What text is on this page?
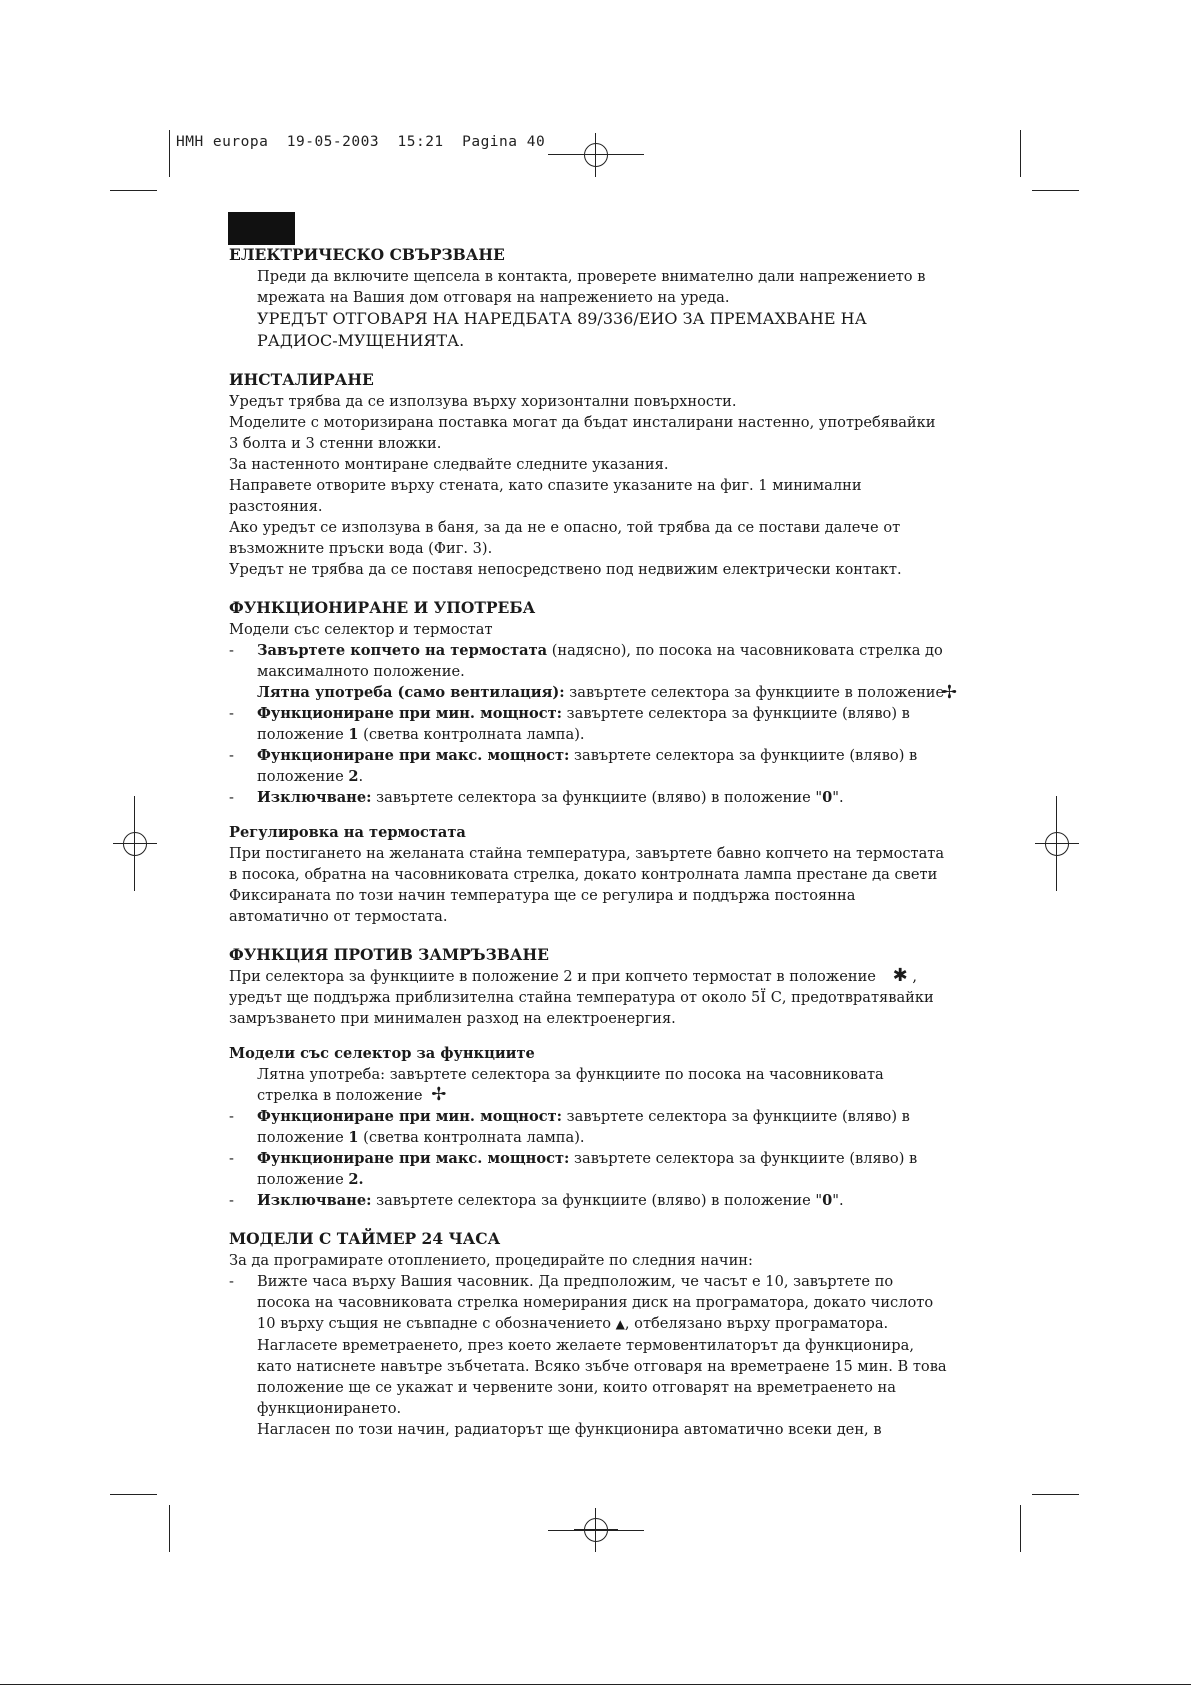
HMH europa  19-05-2003  15:21  Pagina 40

ЕЛЕКТРИЧЕСКО СВЪРЗВАНЕ

Преди да включите щепсела в контакта, проверете внимателно дали напрежението в мрежата на Вашия дом отговаря на напрежението на уреда.

УРЕДЪТ ОТГОВАРЯ НА НАРЕДБАТА 89/336/ЕИО ЗА ПРЕМАХВАНЕ НА РАДИОС-МУЩЕНИЯТА.

ИНСТАЛИРАНЕ

Уредът трябва да се използува върху хоризонтални повърхности.

Моделите с моторизирана поставка могат да бъдат инсталирани настенно, употребявайки 3 болта и 3 стенни вложки.

За настенното монтиране следвайте следните указания.

Направете отворите върху стената, като спазите указаните на фиг. 1 минимални разстояния.

Ако уредът се използува в баня, за да не е опасно, той трябва да се постави далече от възможните пръски вода (Фиг. 3).

Уредът не трябва да се поставя непосредствено под недвижим електрически контакт.

ФУНКЦИОНИРАНЕ И УПОТРЕБА

Модели със селектор и термостат

- Завъртете копчето на термостата (надясно), по посока на часовниковата стрелка до максималното положение.
Лятна употреба (само вентилация): завъртете селектора за функциите в положение
✢
- Функциониране при мин. мощност: завъртете селектора за функциите (вляво) в положение 1 (светва контролната лампа).
- Функциониране при макс. мощност: завъртете селектора за функциите (вляво) в положение 2.
- Изключване: завъртете селектора за функциите (вляво) в положение "0".

Регулировка на термостата

При постигането на желаната стайна температура, завъртете бавно копчето на термостата в посока, обратна на часовниковата стрелка, докато контролната лампа престане да свети Фиксираната по този начин температура ще се регулира и поддържа постоянна автоматично от термостата.

ФУНКЦИЯ ПРОТИВ ЗАМРЪЗВАНЕ

При селектора за функциите в положение 2 и при копчето термостат в положение ✱ ,

уредът ще поддържа приблизителна стайна температура от около 5Ï С, предотвратявайки замръзването при минимален разход на електроенергия.

Модели със селектор за функциите

Лятна употреба: завъртете селектора за функциите по посока на часовниковата стрелка в положение ✢

- Функциониране при мин. мощност: завъртете селектора за функциите (вляво) в положение 1 (светва контролната лампа).
- Функциониране при макс. мощност: завъртете селектора за функциите (вляво) в положение 2.
- Изключване: завъртете селектора за функциите (вляво) в положение "0".

МОДЕЛИ С ТАЙМЕР 24 ЧАСА

За да програмирате отоплението, процедирайте по следния начин:

- Вижте часа върху Вашия часовник. Да предположим, че часът е 10, завъртете по посока на часовниковата стрелка номерирания диск на програматора, докато числото 10 върху същия не съвпадне с обозначението ▲, отбелязано върху програматора. Нагласете времетраенето, през което желаете термовентилаторът да функционира, като натиснете навътре зъбчетата. Всяко зъбче отговаря на времетраене 15 мин. В това положение ще се укажат и червените зони, които отговарят на времетраенето на функционирането.

Нагласен по този начин, радиаторът ще функционира автоматично всеки ден, в
